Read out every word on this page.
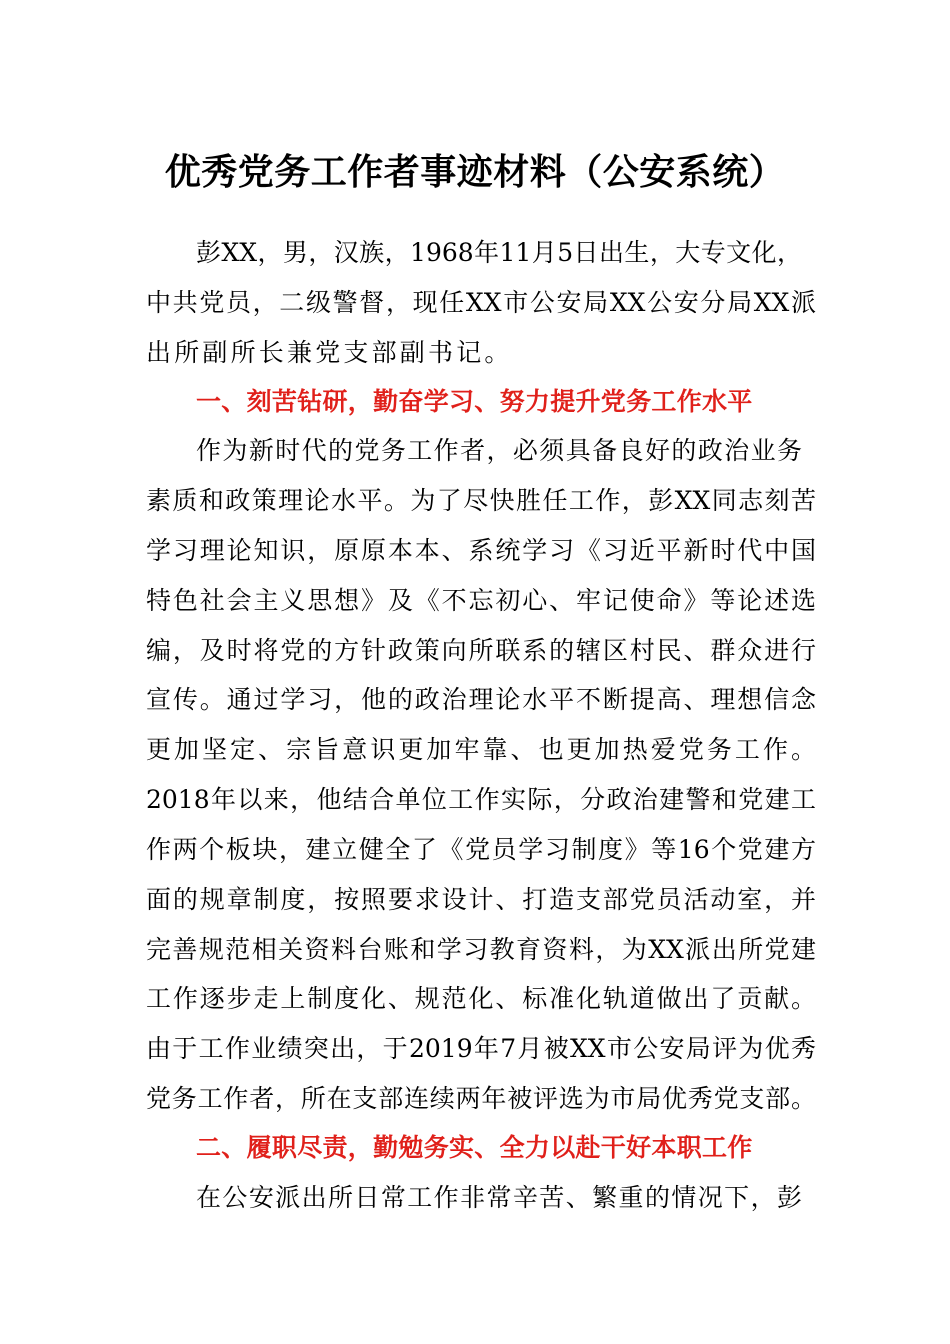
优秀党务工作者事迹材料（公安系统）
彭XX，男，汉族，1968年11月5日出生，大专文化，
中共党员，二级警督，现任XX市公安局XX公安分局XX派
出所副所长兼党支部副书记。
一、刻苦钻研，勤奋学习、努力提升党务工作水平
作为新时代的党务工作者，必须具备良好的政治业务
素质和政策理论水平。为了尽快胜任工作，彭XX同志刻苦
学习理论知识，原原本本、系统学习《习近平新时代中国
特色社会主义思想》及《不忘初心、牢记使命》等论述选
编，及时将党的方针政策向所联系的辖区村民、群众进行
宣传。通过学习，他的政治理论水平不断提高、理想信念
更加坚定、宗旨意识更加牢靠、也更加热爱党务工作。
2018年以来，他结合单位工作实际，分政治建警和党建工
作两个板块，建立健全了《党员学习制度》等16个党建方
面的规章制度，按照要求设计、打造支部党员活动室，并
完善规范相关资料台账和学习教育资料，为XX派出所党建
工作逐步走上制度化、规范化、标准化轨道做出了贡献。
由于工作业绩突出，于2019年7月被XX市公安局评为优秀
党务工作者，所在支部连续两年被评选为市局优秀党支部。
二、履职尽责，勤勉务实、全力以赴干好本职工作
在公安派出所日常工作非常辛苦、繁重的情况下，彭
